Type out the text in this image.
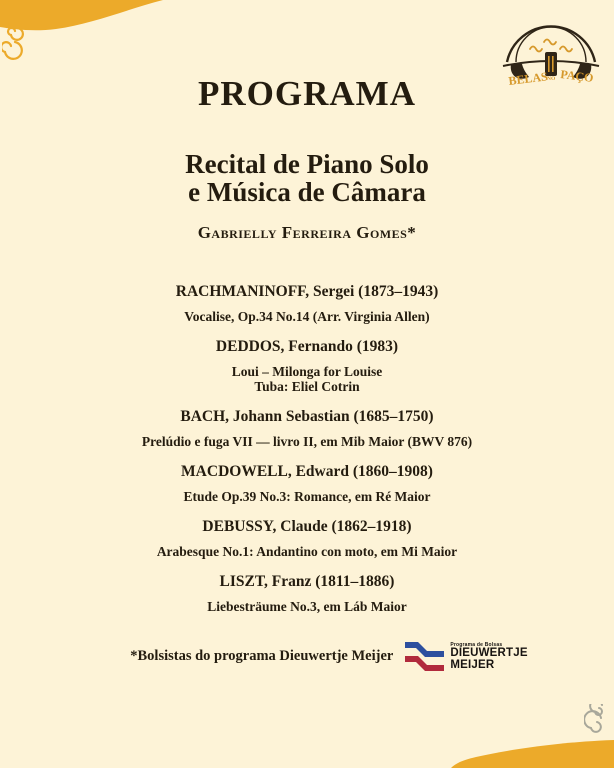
BELAS
NO PAÇO
PROGRAMA
Recital de Piano Solo
e Música de Câmara
Gabrielly Ferreira Gomes*
RACHMANINOFF, Sergei (1873–1943)
Vocalise, Op.34 No.14 (Arr. Virginia Allen)
DEDDOS, Fernando (1983)
Loui – Milonga for Louise
Tuba: Eliel Cotrin
BACH, Johann Sebastian (1685–1750)
Prelúdio e fuga VII — livro II, em Mib Maior (BWV 876)
MACDOWELL, Edward (1860–1908)
Etude Op.39 No.3: Romance, em Ré Maior
DEBUSSY, Claude (1862–1918)
Arabesque No.1: Andantino con moto, em Mi Maior
LISZT, Franz (1811–1886)
Liebesträume No.3, em Láb Maior
*Bolsistas do programa Dieuwertje Meijer
Programa de Bolsas
DIEUWERTJE
MEIJER
